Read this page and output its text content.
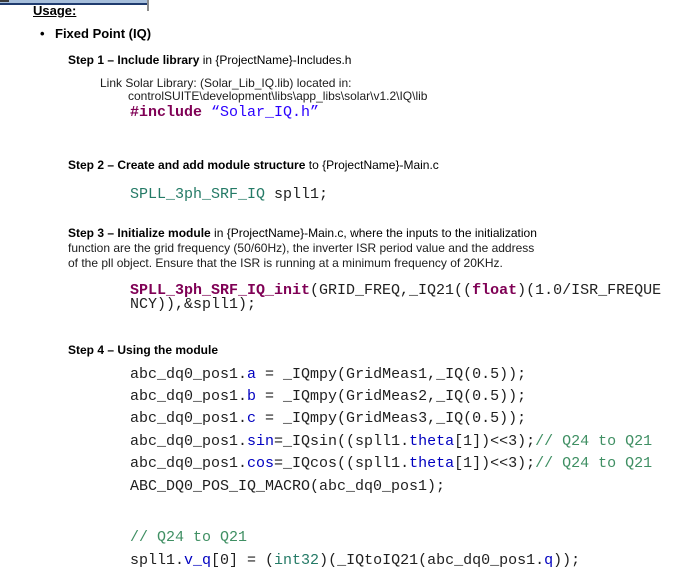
Usage:
• Fixed Point (IQ)
Step 1 – Include library in {ProjectName}-Includes.h
Link Solar Library: (Solar_Lib_IQ.lib) located in:
controlSUITE\development\libs\app_libs\solar\v1.2\IQ\lib
#include “Solar_IQ.h”
Step 2 – Create and add module structure to {ProjectName}-Main.c
SPLL_3ph_SRF_IQ spll1;
Step 3 – Initialize module in {ProjectName}-Main.c, where the inputs to the initialization
function are the grid frequency (50/60Hz), the inverter ISR period value and the address
of the pll object. Ensure that the ISR is running at a minimum frequency of 20KHz.
SPLL_3ph_SRF_IQ_init(GRID_FREQ,_IQ21((float)(1.0/ISR_FREQUE
NCY)),&spll1);
Step 4 – Using the module
abc_dq0_pos1.a = _IQmpy(GridMeas1,_IQ(0.5));
abc_dq0_pos1.b = _IQmpy(GridMeas2,_IQ(0.5));
abc_dq0_pos1.c = _IQmpy(GridMeas3,_IQ(0.5));
abc_dq0_pos1.sin=_IQsin((spll1.theta[1])<<3);// Q24 to Q21
abc_dq0_pos1.cos=_IQcos((spll1.theta[1])<<3);// Q24 to Q21
ABC_DQ0_POS_IQ_MACRO(abc_dq0_pos1);
// Q24 to Q21
spll1.v_q[0] = (int32)(_IQtoIQ21(abc_dq0_pos1.q));
